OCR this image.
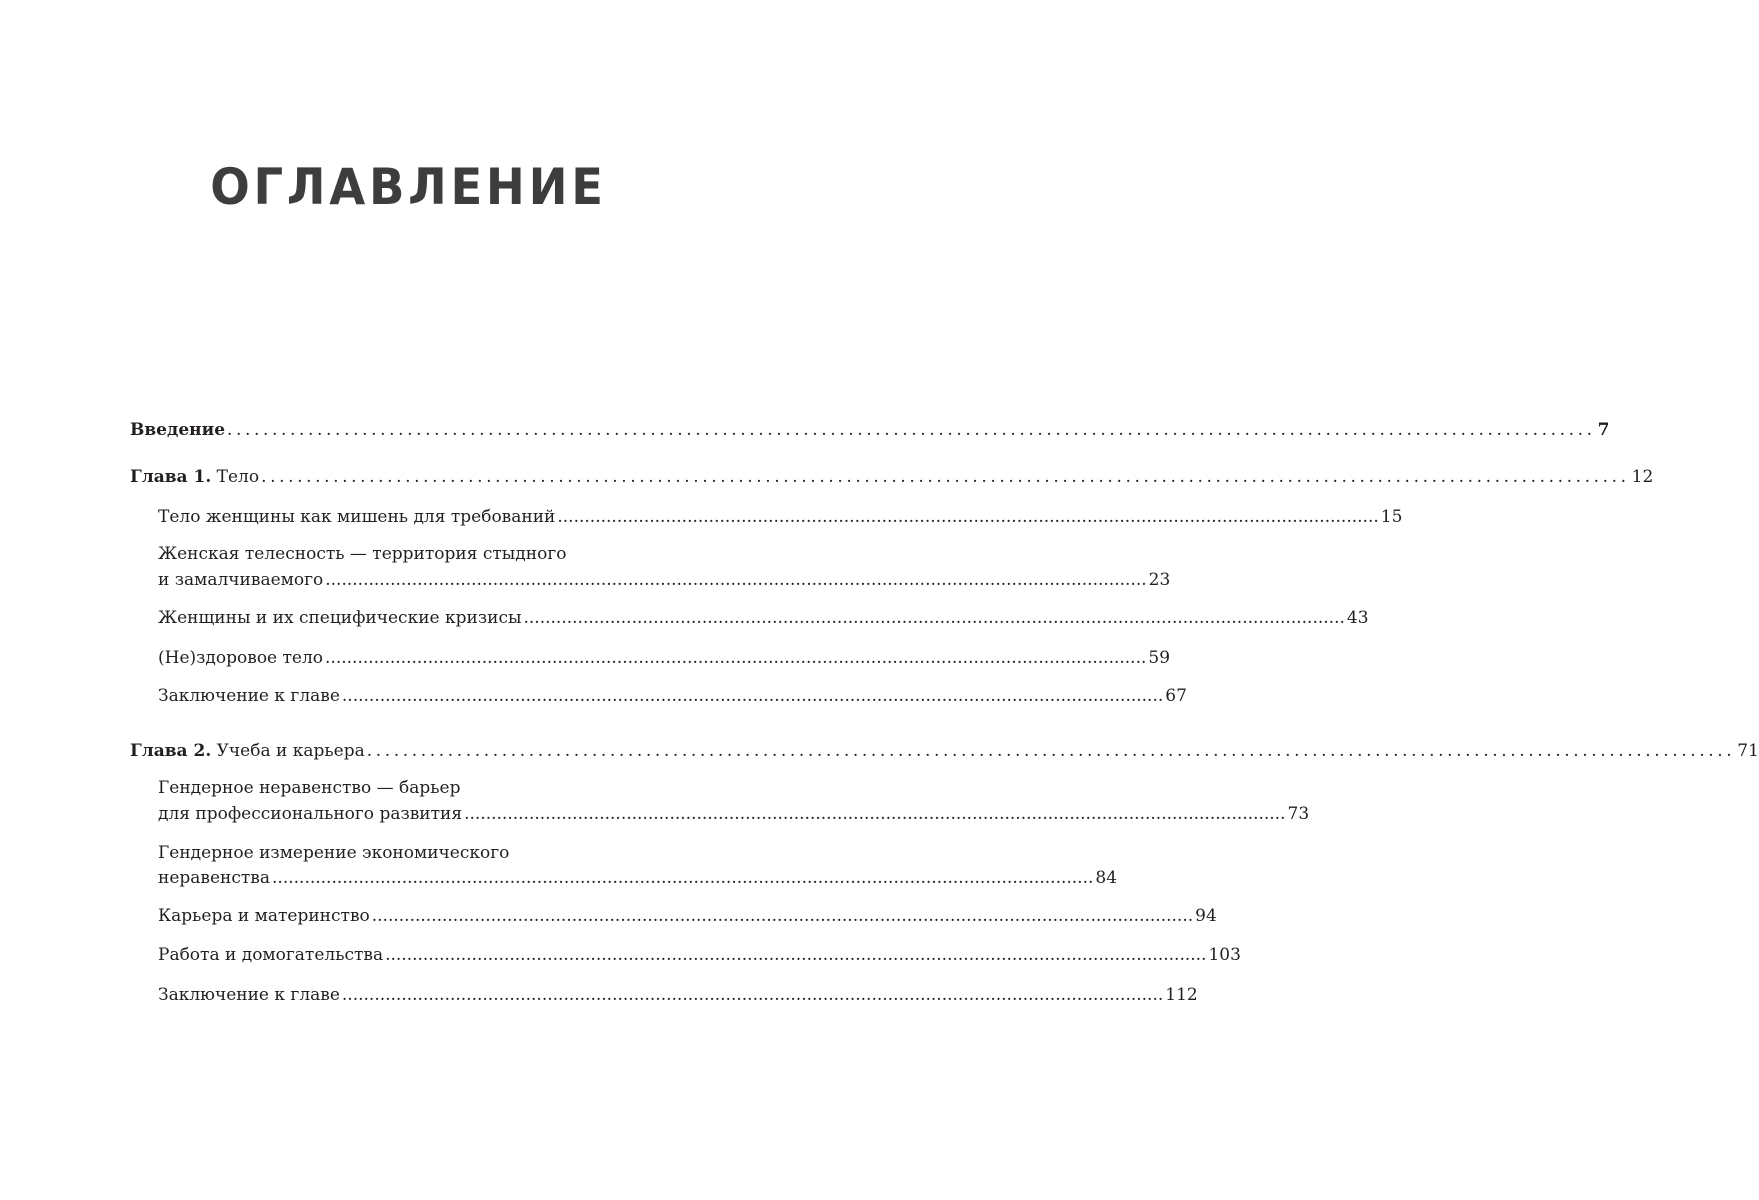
ОГЛАВЛЕНИЕ
Введение ........................................................................................................................................................ 7
Глава 1. Тело ........................................................................................................................................................ 12
Тело женщины как мишень для требований ........................................................................................................................................................ 15
Женская телесность — территория стыдного
и замалчиваемого ........................................................................................................................................................ 23
Женщины и их специфические кризисы ........................................................................................................................................................ 43
(Не)здоровое тело ........................................................................................................................................................ 59
Заключение к главе ........................................................................................................................................................ 67
Глава 2. Учеба и карьера ........................................................................................................................................................ 71
Гендерное неравенство — барьер
для профессионального развития ........................................................................................................................................................ 73
Гендерное измерение экономического
неравенства ........................................................................................................................................................ 84
Карьера и материнство ........................................................................................................................................................ 94
Работа и домогательства ........................................................................................................................................................ 103
Заключение к главе ........................................................................................................................................................ 112
